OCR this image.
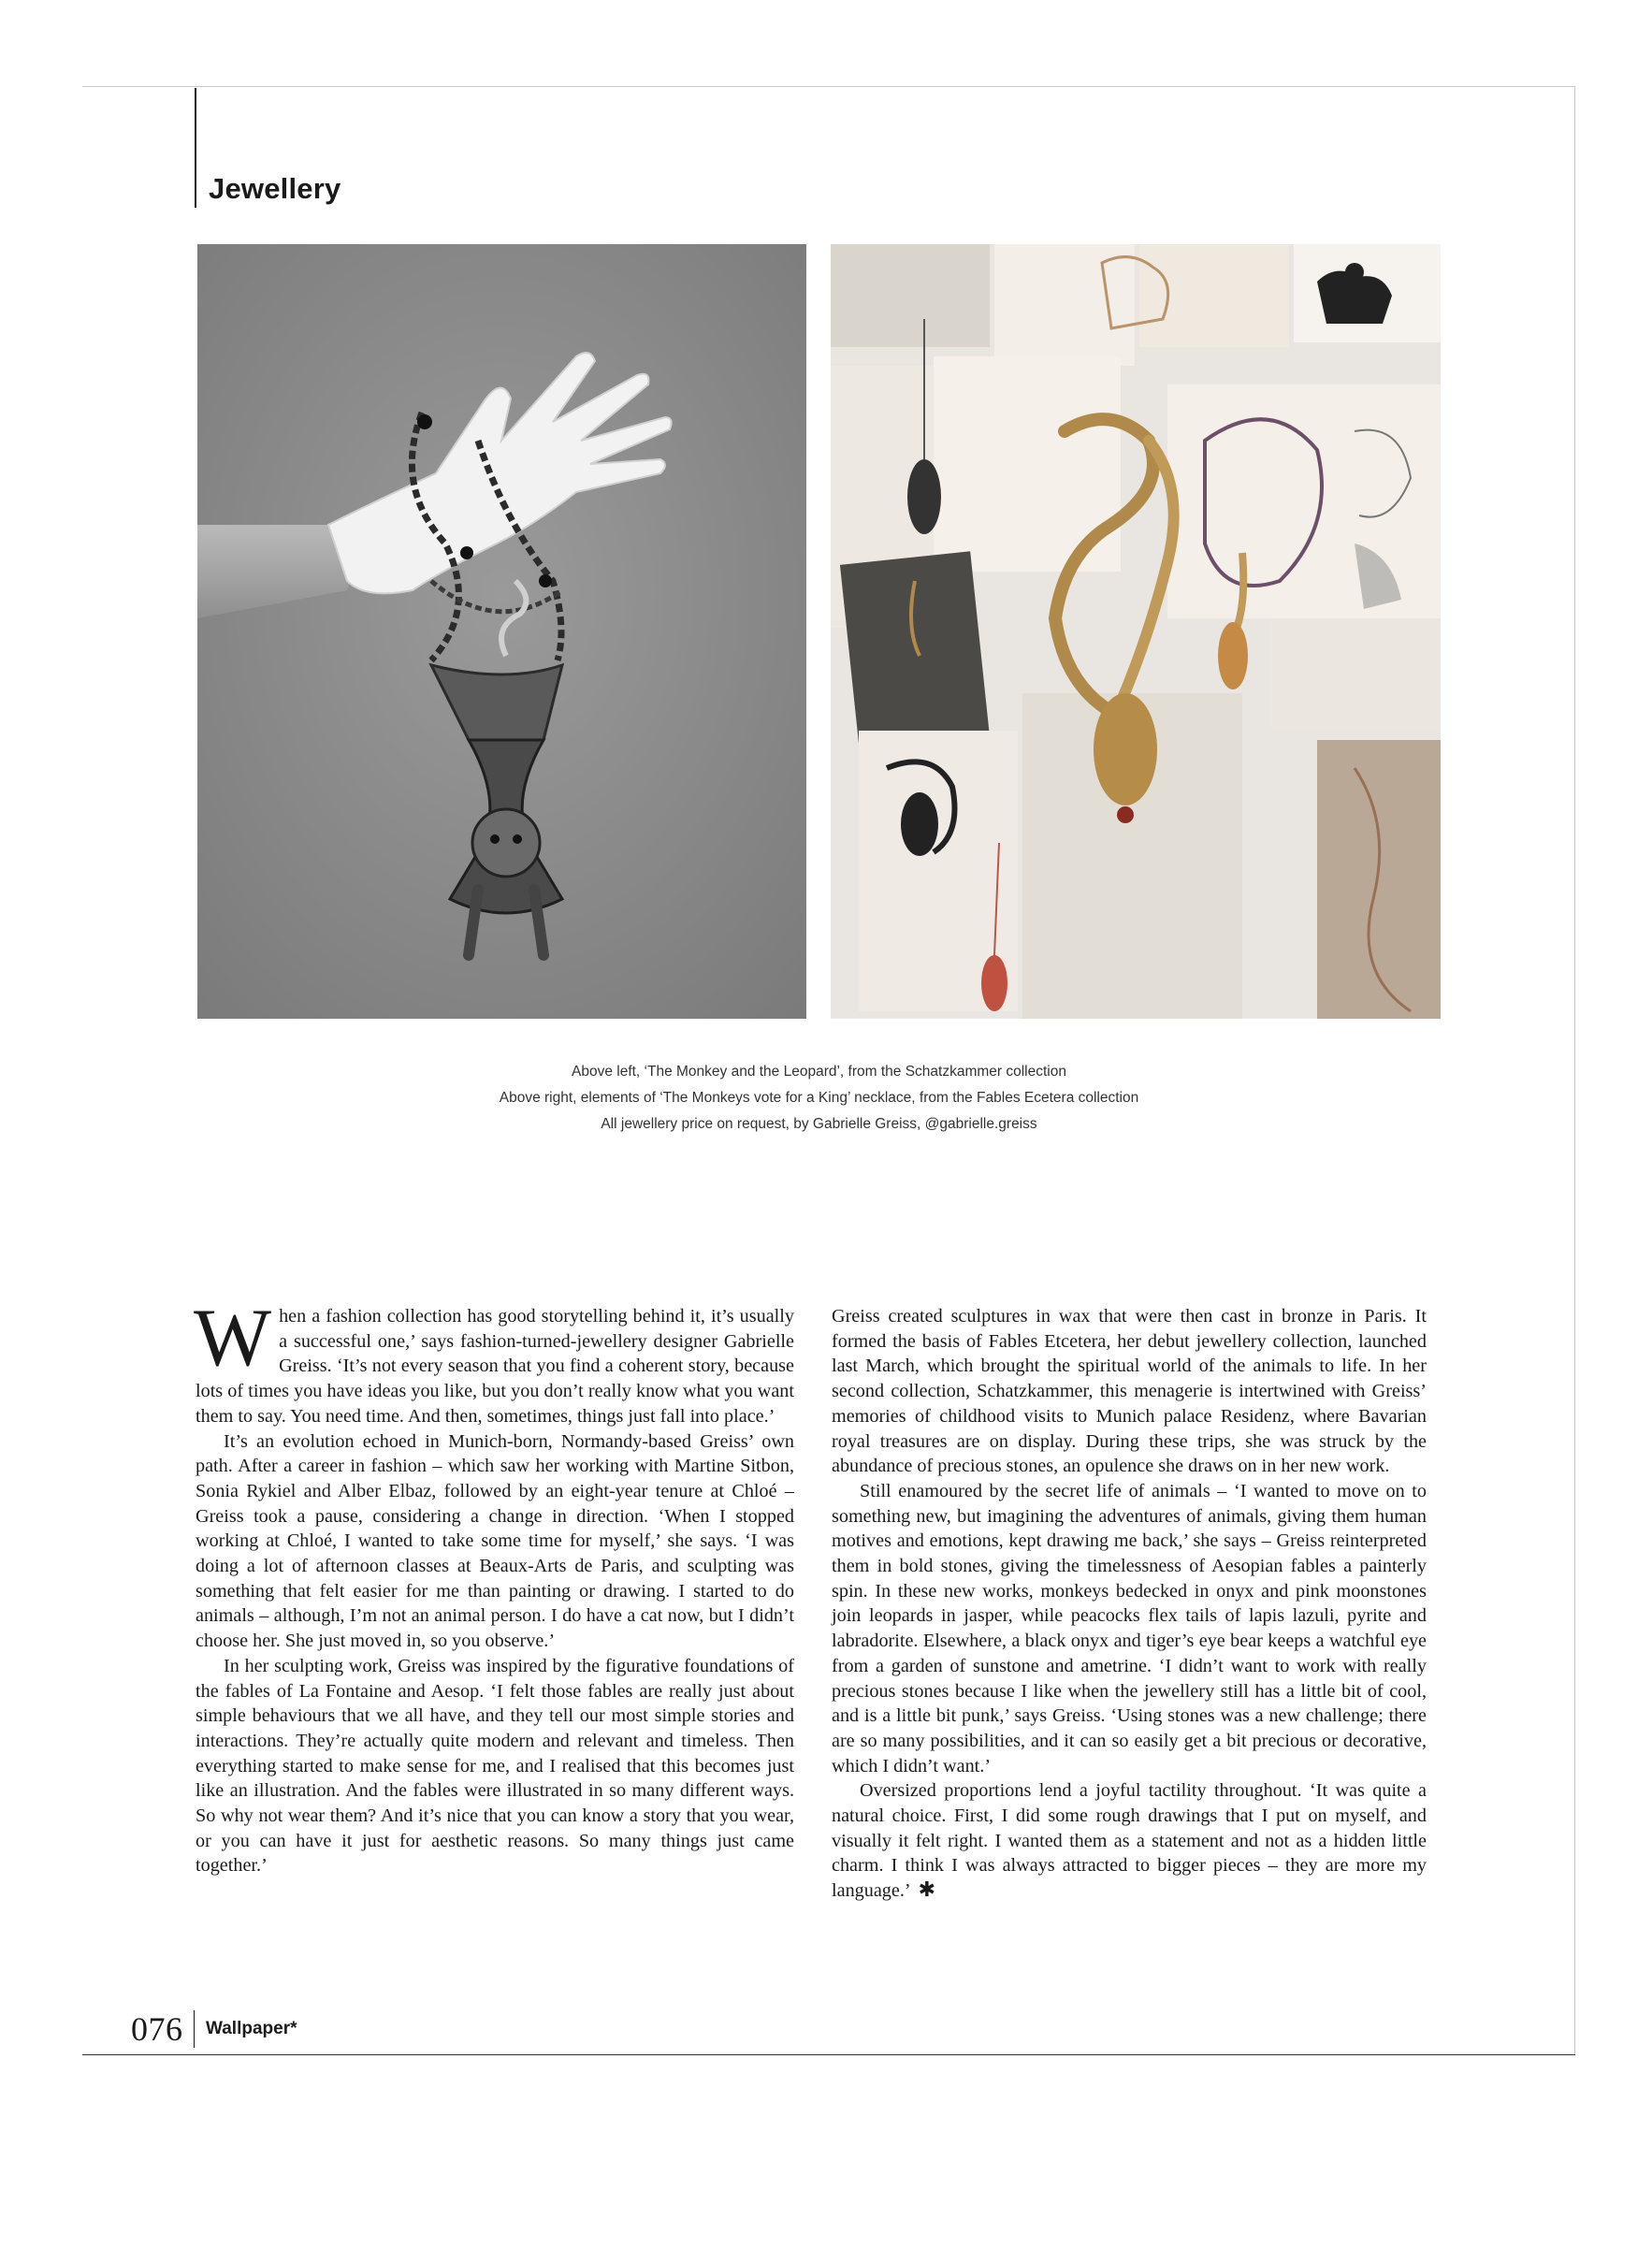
Jewellery
Above left, ‘The Monkey and the Leopard’, from the Schatzkammer collection
Above right, elements of ‘The Monkeys vote for a King’ necklace, from the Fables Ecetera collection
All jewellery price on request, by Gabrielle Greiss, @gabrielle.greiss

When a fashion collection has good storytelling behind it, it’s usually a successful one,’ says fashion-turned-jewellery designer Gabrielle Greiss. ‘It’s not every season that you find a coherent story, because lots of times you have ideas you like, but you don’t really know what you want them to say. You need time. And then, sometimes, things just fall into place.’

It’s an evolution echoed in Munich-born, Normandy-based Greiss’ own path. After a career in fashion – which saw her working with Martine Sitbon, Sonia Rykiel and Alber Elbaz, followed by an eight-year tenure at Chloé – Greiss took a pause, considering a change in direction. ‘When I stopped working at Chloé, I wanted to take some time for myself,’ she says. ‘I was doing a lot of afternoon classes at Beaux-Arts de Paris, and sculpting was something that felt easier for me than painting or drawing. I started to do animals – although, I’m not an animal person. I do have a cat now, but I didn’t choose her. She just moved in, so you observe.’

In her sculpting work, Greiss was inspired by the figurative foundations of the fables of La Fontaine and Aesop. ‘I felt those fables are really just about simple behaviours that we all have, and they tell our most simple stories and interactions. They’re actually quite modern and relevant and timeless. Then everything started to make sense for me, and I realised that this becomes just like an illustration. And the fables were illustrated in so many different ways. So why not wear them? And it’s nice that you can know a story that you wear, or you can have it just for aesthetic reasons. So many things just came together.’

Greiss created sculptures in wax that were then cast in bronze in Paris. It formed the basis of Fables Etcetera, her debut jewellery collection, launched last March, which brought the spiritual world of the animals to life. In her second collection, Schatzkammer, this menagerie is intertwined with Greiss’ memories of childhood visits to Munich palace Residenz, where Bavarian royal treasures are on display. During these trips, she was struck by the abundance of precious stones, an opulence she draws on in her new work.

Still enamoured by the secret life of animals – ‘I wanted to move on to something new, but imagining the adventures of animals, giving them human motives and emotions, kept drawing me back,’ she says – Greiss reinterpreted them in bold stones, giving the timelessness of Aesopian fables a painterly spin. In these new works, monkeys bedecked in onyx and pink moonstones join leopards in jasper, while peacocks flex tails of lapis lazuli, pyrite and labradorite. Elsewhere, a black onyx and tiger’s eye bear keeps a watchful eye from a garden of sunstone and ametrine. ‘I didn’t want to work with really precious stones because I like when the jewellery still has a little bit of cool, and is a little bit punk,’ says Greiss. ‘Using stones was a new challenge; there are so many possibilities, and it can so easily get a bit precious or decorative, which I didn’t want.’

Oversized proportions lend a joyful tactility throughout. ‘It was quite a natural choice. First, I did some rough drawings that I put on myself, and visually it felt right. I wanted them as a statement and not as a hidden little charm. I think I was always attracted to bigger pieces – they are more my language.’ ✱

076 Wallpaper*
